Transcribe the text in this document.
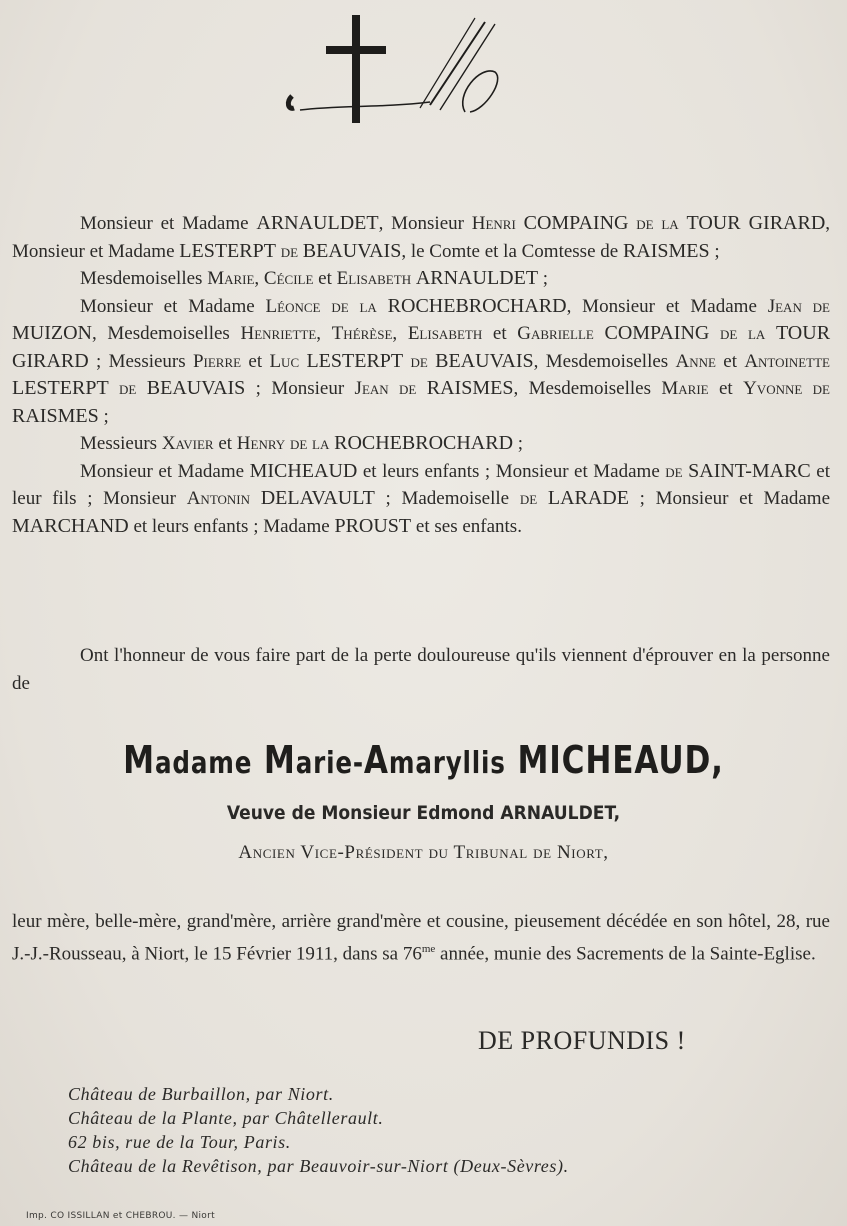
M

Monsieur et Madame ARNAULDET, Monsieur Henri COMPAING de la TOUR GIRARD, Monsieur et Madame LESTERPT de BEAUVAIS, le Comte et la Comtesse de RAISMES ;

Mesdemoiselles Marie, Cécile et Elisabeth ARNAULDET ;

Monsieur et Madame Léonce de la ROCHEBROCHARD, Monsieur et Madame Jean de MUIZON, Mesdemoiselles Henriette, Thérèse, Elisabeth et Gabrielle COMPAING de la TOUR GIRARD ; Messieurs Pierre et Luc LESTERPT de BEAUVAIS, Mesdemoiselles Anne et Antoinette LESTERPT de BEAUVAIS ; Monsieur Jean de RAISMES, Mesdemoiselles Marie et Yvonne de RAISMES ;

Messieurs Xavier et Henry de la ROCHEBROCHARD ;

Monsieur et Madame MICHEAUD et leurs enfants ; Monsieur et Madame de SAINT-MARC et leur fils ; Monsieur Antonin DELAVAULT ; Mademoiselle de LARADE ; Monsieur et Madame MARCHAND et leurs enfants ; Madame PROUST et ses enfants.

Ont l'honneur de vous faire part de la perte douloureuse qu'ils viennent d'éprouver en la personne de

Madame Marie-Amaryllis MICHEAUD,
Veuve de Monsieur Edmond ARNAULDET,
Ancien Vice-Président du Tribunal de Niort,

leur mère, belle-mère, grand'mère, arrière grand'mère et cousine, pieusement décédée en son hôtel, 28, rue J.-J.-Rousseau, à Niort, le 15 Février 1911, dans sa $76^{me}$ année, munie des Sacrements de la Sainte-Eglise.

DE PROFUNDIS !
Château de Burbaillon, par Niort.
Château de la Plante, par Châtellerault.
62 bis, rue de la Tour, Paris.
Château de la Revêtison, par Beauvoir-sur-Niort (Deux-Sèvres).
Imp. CO ISSILLAN et CHEBROU. — Niort
